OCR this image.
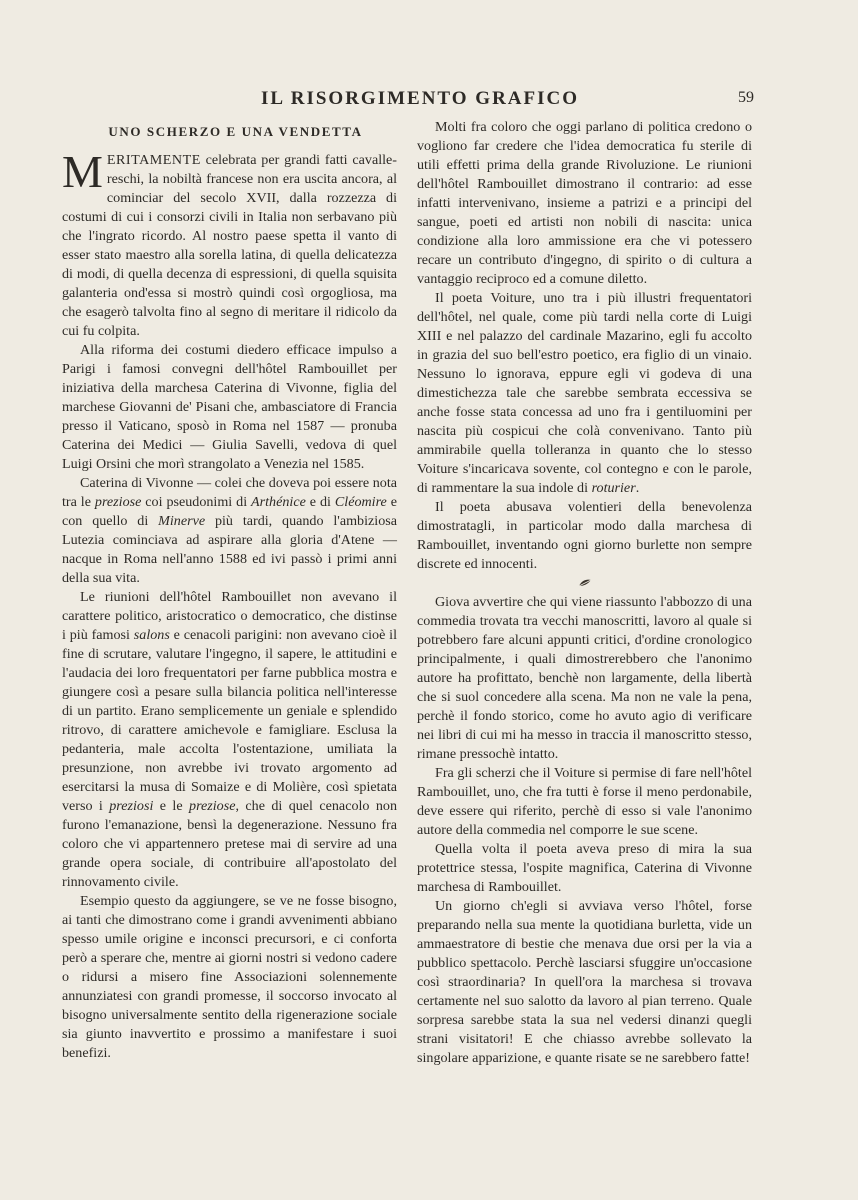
IL RISORGIMENTO GRAFICO	59
UNO SCHERZO E UNA VENDETTA

MERITAMENTE celebrata per grandi fatti cavalle-reschi, la nobiltà francese non era uscita ancora, al cominciar del secolo XVII, dalla rozzezza di costumi di cui i consorzi civili in Italia non serbavano più che l'ingrato ricordo. Al nostro paese spetta il vanto di esser stato maestro alla sorella latina, di quella delicatezza di modi, di quella decenza di espressioni, di quella squisita galanteria ond'essa si mostrò quindi così orgogliosa, ma che esagerò talvolta fino al segno di meritare il ridicolo da cui fu colpita.

Alla riforma dei costumi diedero efficace impulso a Parigi i famosi convegni dell'hôtel Rambouillet per iniziativa della marchesa Caterina di Vivonne, figlia del marchese Giovanni de' Pisani che, ambasciatore di Francia presso il Vaticano, sposò in Roma nel 1587 — pronuba Caterina dei Medici — Giulia Savelli, vedova di quel Luigi Orsini che morì strangolato a Venezia nel 1585.

Caterina di Vivonne — colei che doveva poi essere nota tra le preziose coi pseudonimi di Arthénice e di Cléomire e con quello di Minerve più tardi, quando l'ambiziosa Lutezia cominciava ad aspirare alla gloria d'Atene — nacque in Roma nell'anno 1588 ed ivi passò i primi anni della sua vita.

Le riunioni dell'hôtel Rambouillet non avevano il carattere politico, aristocratico o democratico, che distinse i più famosi salons e cenacoli parigini: non avevano cioè il fine di scrutare, valutare l'ingegno, il sapere, le attitudini e l'audacia dei loro frequentatori per farne pubblica mostra e giungere così a pesare sulla bilancia politica nell'interesse di un partito. Erano semplicemente un geniale e splendido ritrovo, di carattere amichevole e famigliare. Esclusa la pedanteria, male accolta l'ostentazione, umiliata la presunzione, non avrebbe ivi trovato argomento ad esercitarsi la musa di Somaize e di Molière, così spietata verso i preziosi e le preziose, che di quel cenacolo non furono l'emanazione, bensì la degenerazione. Nessuno fra coloro che vi appartennero pretese mai di servire ad una grande opera sociale, di contribuire all'apostolato del rinnovamento civile.

Esempio questo da aggiungere, se ve ne fosse bisogno, ai tanti che dimostrano come i grandi avvenimenti abbiano spesso umile origine e inconsci precursori, e ci conforta però a sperare che, mentre ai giorni nostri si vedono cadere o ridursi a misero fine Associazioni solennemente annunziatesi con grandi promesse, il soccorso invocato al bisogno universalmente sentito della rigenerazione sociale sia giunto inavvertito e prossimo a manifestare i suoi benefizi.

Molti fra coloro che oggi parlano di politica credono o vogliono far credere che l'idea democratica fu sterile di utili effetti prima della grande Rivoluzione. Le riunioni dell'hôtel Rambouillet dimostrano il contrario: ad esse infatti intervenivano, insieme a patrizi e a principi del sangue, poeti ed artisti non nobili di nascita: unica condizione alla loro ammissione era che vi potessero recare un contributo d'ingegno, di spirito o di cultura a vantaggio reciproco ed a comune diletto.

Il poeta Voiture, uno tra i più illustri frequentatori dell'hôtel, nel quale, come più tardi nella corte di Luigi XIII e nel palazzo del cardinale Mazarino, egli fu accolto in grazia del suo bell'estro poetico, era figlio di un vinaio. Nessuno lo ignorava, eppure egli vi godeva di una dimestichezza tale che sarebbe sembrata eccessiva se anche fosse stata concessa ad uno fra i gentiluomini per nascita più cospicui che colà convenivano. Tanto più ammirabile quella tolleranza in quanto che lo stesso Voiture s'incaricava sovente, col contegno e con le parole, di rammentare la sua indole di roturier.

Il poeta abusava volentieri della benevolenza dimostratagli, in particolar modo dalla marchesa di Rambouillet, inventando ogni giorno burlette non sempre discrete ed innocenti.

Giova avvertire che qui viene riassunto l'abbozzo di una commedia trovata tra vecchi manoscritti, lavoro al quale si potrebbero fare alcuni appunti critici, d'ordine cronologico principalmente, i quali dimostrerebbero che l'anonimo autore ha profittato, benchè non largamente, della libertà che si suol concedere alla scena. Ma non ne vale la pena, perchè il fondo storico, come ho avuto agio di verificare nei libri di cui mi ha messo in traccia il manoscritto stesso, rimane pressochè intatto.

Fra gli scherzi che il Voiture si permise di fare nell'hôtel Rambouillet, uno, che fra tutti è forse il meno perdonabile, deve essere qui riferito, perchè di esso si vale l'anonimo autore della commedia nel comporre le sue scene.

Quella volta il poeta aveva preso di mira la sua protettrice stessa, l'ospite magnifica, Caterina di Vivonne marchesa di Rambouillet.

Un giorno ch'egli si avviava verso l'hôtel, forse preparando nella sua mente la quotidiana burletta, vide un ammaestratore di bestie che menava due orsi per la via a pubblico spettacolo. Perchè lasciarsi sfuggire un'occasione così straordinaria? In quell'ora la marchesa si trovava certamente nel suo salotto da lavoro al pian terreno. Quale sorpresa sarebbe stata la sua nel vedersi dinanzi quegli strani visitatori! E che chiasso avrebbe sollevato la singolare apparizione, e quante risate se ne sarebbero fatte!
